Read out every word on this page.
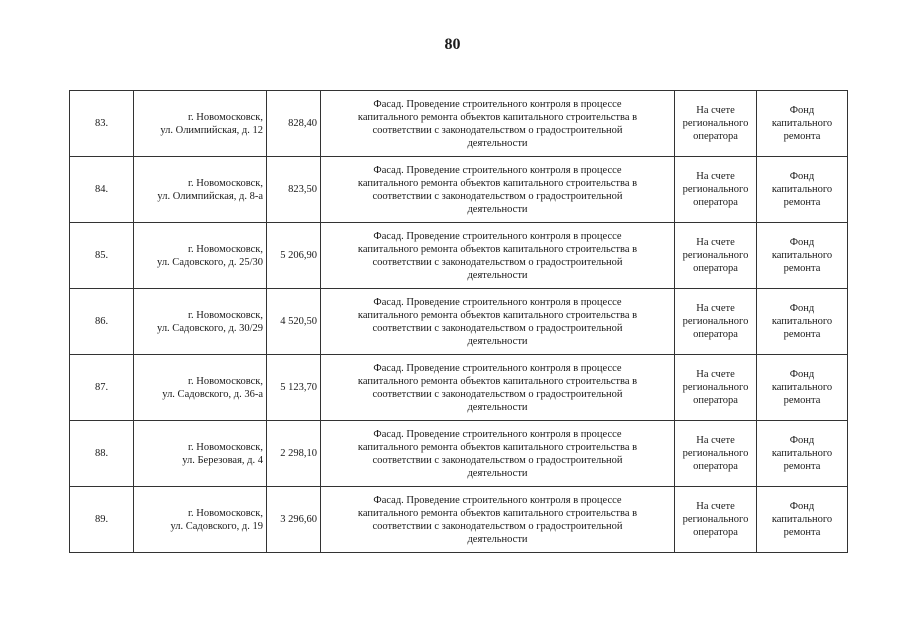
80
83.	г. Новомосковск,
ул. Олимпийская, д. 12	828,40	Фасад. Проведение строительного контроля в процессе
капитального ремонта объектов капитального строительства в
соответствии с законодательством о градостроительной
деятельности	На счете
регионального
оператора	Фонд
капитального
ремонта

84.	г. Новомосковск,
ул. Олимпийская, д. 8-а	823,50	Фасад. Проведение строительного контроля в процессе
капитального ремонта объектов капитального строительства в
соответствии с законодательством о градостроительной
деятельности	На счете
регионального
оператора	Фонд
капитального
ремонта

85.	г. Новомосковск,
ул. Садовского, д. 25/30	5 206,90	Фасад. Проведение строительного контроля в процессе
капитального ремонта объектов капитального строительства в
соответствии с законодательством о градостроительной
деятельности	На счете
регионального
оператора	Фонд
капитального
ремонта

86.	г. Новомосковск,
ул. Садовского, д. 30/29	4 520,50	Фасад. Проведение строительного контроля в процессе
капитального ремонта объектов капитального строительства в
соответствии с законодательством о градостроительной
деятельности	На счете
регионального
оператора	Фонд
капитального
ремонта

87.	г. Новомосковск,
ул. Садовского, д. 36-а	5 123,70	Фасад. Проведение строительного контроля в процессе
капитального ремонта объектов капитального строительства в
соответствии с законодательством о градостроительной
деятельности	На счете
регионального
оператора	Фонд
капитального
ремонта

88.	г. Новомосковск,
ул. Березовая, д. 4	2 298,10	Фасад. Проведение строительного контроля в процессе
капитального ремонта объектов капитального строительства в
соответствии с законодательством о градостроительной
деятельности	На счете
регионального
оператора	Фонд
капитального
ремонта

89.	г. Новомосковск,
ул. Садовского, д. 19	3 296,60	Фасад. Проведение строительного контроля в процессе
капитального ремонта объектов капитального строительства в
соответствии с законодательством о градостроительной
деятельности	На счете
регионального
оператора	Фонд
капитального
ремонта
